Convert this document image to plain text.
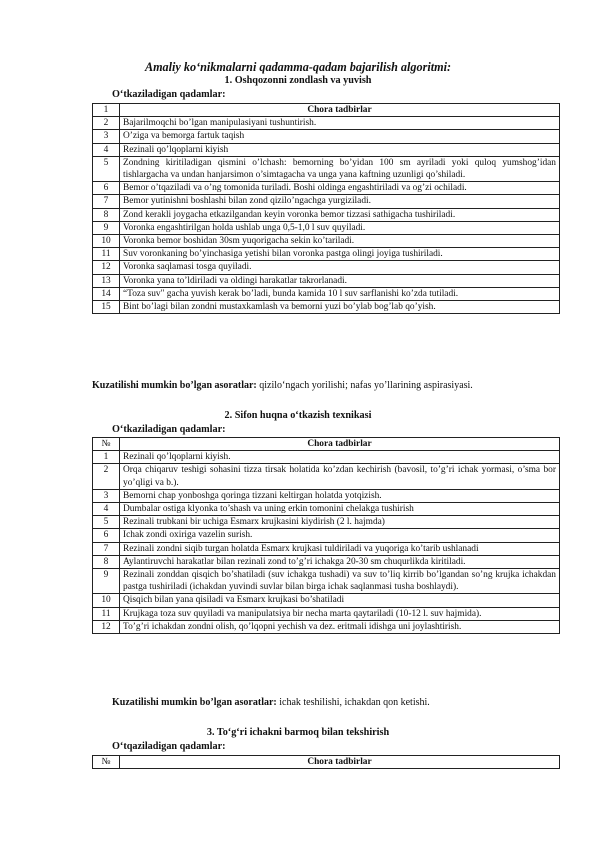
Amaliy ko‘nikmalarni qadamma-qadam bajarilish algoritmi:
1. Oshqozonni zondlash va yuvish
O‘tkaziladigan qadamlar:
1	Chora tadbirlar
2	Bajarilmoqchi bo’lgan manipulasiyani tushuntirish.
3	O’ziga va bemorga fartuk taqish
4	Rezinali qo’lqoplarni kiyish
5	Zondning kiritiladigan qismini o’lchash: bemorning bo’yidan 100 sm ayriladi yoki quloq yumshog’idan tishlargacha va undan hanjarsimon o’simtagacha va unga yana kaftning uzunligi qo’shiladi.
6	Bemor o’tqaziladi va o’ng tomonida turiladi. Boshi oldinga engashtiriladi va og’zi ochiladi.
7	Bemor yutinishni boshlashi bilan zond qizilo’ngachga yurgiziladi.
8	Zond kerakli joygacha etkazilgandan keyin voronka bemor tizzasi sathigacha tushiriladi.
9	Voronka engashtirilgan holda ushlab unga 0,5-1,0 l suv quyiladi.
10	Voronka bemor boshidan 30sm yuqorigacha sekin ko’tariladi.
11	Suv voronkaning bo’yinchasiga yetishi bilan voronka pastga olingi joyiga tushiriladi.
12	Voronka saqlamasi tosga quyiladi.
13	Voronka yana to’ldiriladi va oldingi harakatlar takrorlanadi.
14	“Toza suv" gacha yuvish kerak bo’ladi, bunda kamida 10 l suv sarflanishi ko’zda tutiladi.
15	Bint bo’lagi bilan zondni mustaxkamlash va bemorni yuzi bo’ylab bog’lab qo’yish.
Kuzatilishi mumkin bo’lgan asoratlar: qizilo‘ngach yorilishi; nafas yo’llarining aspirasiyasi.
2. Sifon huqna o‘tkazish texnikasi
O‘tkaziladigan qadamlar:
№	Chora tadbirlar
1	Rezinali qo’lqoplarni kiyish.
2	Orqa chiqaruv teshigi sohasini tizza tirsak holatida ko’zdan kechirish (bavosil, to’g’ri ichak yormasi, o’sma bor yo’qligi va b.).
3	Bemorni chap yonboshga qoringa tizzani keltirgan holatda yotqizish.
4	Dumbalar ostiga klyonka to’shash va uning erkin tomonini chelakga tushirish
5	Rezinali trubkani bir uchiga Esmarx krujkasini kiydirish (2 l. hajmda)
6	Ichak zondi oxiriga vazelin surish.
7	Rezinali zondni siqib turgan holatda Esmarx krujkasi tuldiriladi va yuqoriga ko’tarib ushlanadi
8	Aylantiruvchi harakatlar bilan rezinali zond to’g’ri ichakga 20-30 sm chuqurlikda kiritiladi.
9	Rezinali zonddan qisqich bo’shatiladi (suv ichakga tushadi) va suv to’liq kirrib bo’lgandan so’ng krujka ichakdan pastga tushiriladi (ichakdan yuvindi suvlar bilan birga ichak saqlanmasi tusha boshlaydi).
10	Qisqich bilan yana qisiladi va Esmarx krujkasi bo’shatiladi
11	Krujkaga toza suv quyiladi va manipulatsiya bir necha marta qaytariladi (10-12 l. suv hajmida).
12	To’g’ri ichakdan zondni olish, qo’lqopni yechish va dez. eritmali idishga uni joylashtirish.
Kuzatilishi mumkin bo’lgan asoratlar: ichak teshilishi, ichakdan qon ketishi.
3. To‘g‘ri ichakni barmoq bilan tekshirish
O‘tqaziladigan qadamlar:
№	Chora tadbirlar
